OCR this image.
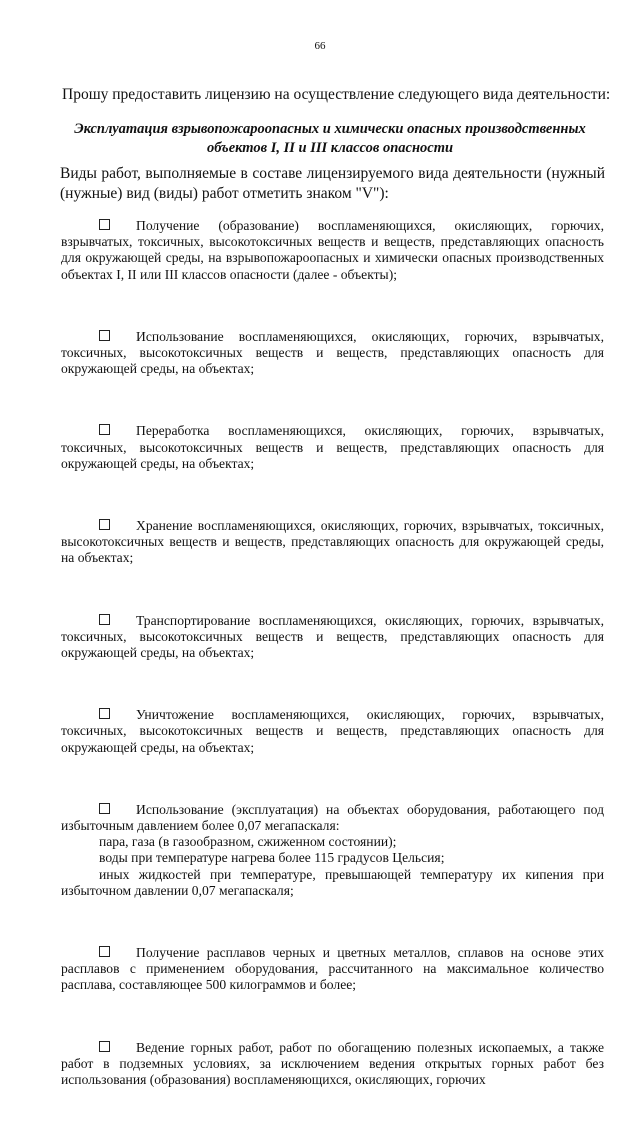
66
Прошу предоставить лицензию на осуществление следующего вида деятельности:
Эксплуатация взрывопожароопасных и химически опасных производственных объектов I, II и III классов опасности
Виды работ, выполняемые в составе лицензируемого вида деятельности (нужный (нужные) вид (виды) работ отметить знаком "V"):

Получение (образование) воспламеняющихся, окисляющих, горючих, взрывчатых, токсичных, высокотоксичных веществ и веществ, представляющих опасность для окружающей среды, на взрывопожароопасных и химически опасных производственных объектах I, II или III классов опасности (далее - объекты);

Использование воспламеняющихся, окисляющих, горючих, взрывчатых, токсичных, высокотоксичных веществ и веществ, представляющих опасность для окружающей среды, на объектах;

Переработка воспламеняющихся, окисляющих, горючих, взрывчатых, токсичных, высокотоксичных веществ и веществ, представляющих опасность для окружающей среды, на объектах;

Хранение воспламеняющихся, окисляющих, горючих, взрывчатых, токсичных, высокотоксичных веществ и веществ, представляющих опасность для окружающей среды, на объектах;

Транспортирование воспламеняющихся, окисляющих, горючих, взрывчатых, токсичных, высокотоксичных веществ и веществ, представляющих опасность для окружающей среды, на объектах;

Уничтожение воспламеняющихся, окисляющих, горючих, взрывчатых, токсичных, высокотоксичных веществ и веществ, представляющих опасность для окружающей среды, на объектах;

Использование (эксплуатация) на объектах оборудования, работающего под избыточным давлением более 0,07 мегапаскаля:

пара, газа (в газообразном, сжиженном состоянии);
воды при температуре нагрева более 115 градусов Цельсия;
иных жидкостей при температуре, превышающей температуру их кипения при избыточном давлении 0,07 мегапаскаля;

Получение расплавов черных и цветных металлов, сплавов на основе этих расплавов с применением оборудования, рассчитанного на максимальное количество расплава, составляющее 500 килограммов и более;

Ведение горных работ, работ по обогащению полезных ископаемых, а также работ в подземных условиях, за исключением ведения открытых горных работ без использования (образования) воспламеняющихся, окисляющих, горючих
